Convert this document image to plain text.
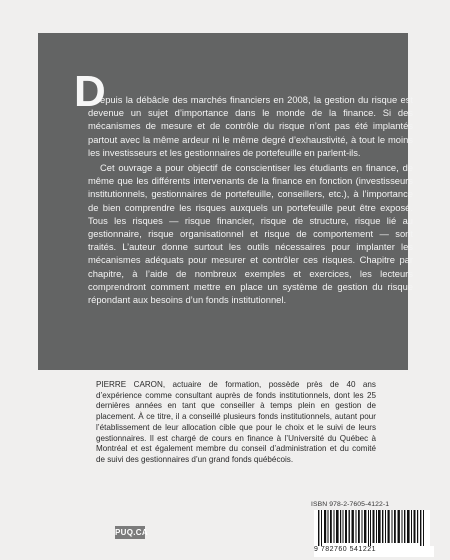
D

epuis la débâcle des marchés financiers en 2008, la gestion du risque est devenue un sujet d’importance dans le monde de la finance. Si des mécanismes de mesure et de contrôle du risque n’ont pas été implantés partout avec la même ardeur ni le même degré d’exhaustivité, à tout le moins les investisseurs et les gestionnaires de portefeuille en parlent-ils.

Cet ouvrage a pour objectif de conscientiser les étudiants en finance, de même que les différents intervenants de la finance en fonction (investisseurs institutionnels, gestionnaires de portefeuille, conseillers, etc.), à l’importance de bien comprendre les risques auxquels un portefeuille peut être exposé. Tous les risques — risque financier, risque de structure, risque lié au gestionnaire, risque organisationnel et risque de comportement — sont traités. L’auteur donne surtout les outils nécessaires pour implanter les mécanismes adéquats pour mesurer et contrôler ces risques. Chapitre par chapitre, à l’aide de nombreux exemples et exercices, les lecteurs comprendront comment mettre en place un système de gestion du risque répondant aux besoins d’un fonds institutionnel.

PIERRE CARON, actuaire de formation, possède près de 40 ans d’expérience comme consultant auprès de fonds institutionnels, dont les 25 dernières années en tant que conseiller à temps plein en gestion de placement. À ce titre, il a conseillé plusieurs fonds institutionnels, autant pour l’établissement de leur allocation cible que pour le choix et le suivi de leurs gestionnaires. Il est chargé de cours en finance à l’Université du Québec à Montréal et est également membre du conseil d’administration et du comité de suivi des gestionnaires d’un grand fonds québécois.
ISBN 978-2-7605-4122-1
9 782760 541221
PUQ.CA
